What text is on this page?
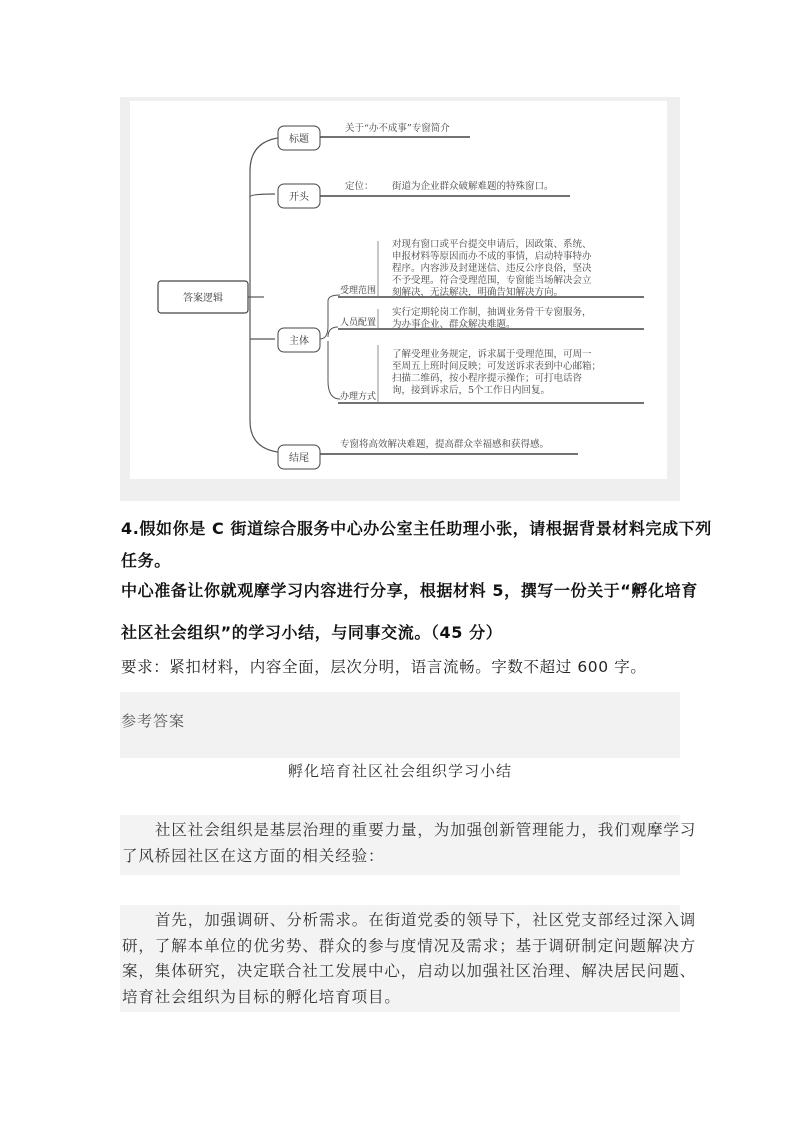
答案逻辑
标题
关于“办不成事”专窗简介
开头
定位： 街道为企业群众破解难题的特殊窗口。
主体
受理范围
人员配置
办理方式
对现有窗口或平台提交申请后，因政策、系统、
申报材料等原因而办不成的事情，启动特事特办
程序。内容涉及封建迷信、违反公序良俗，坚决
不予受理。符合受理范围，专窗能当场解决会立
刻解决，无法解决，明确告知解决方向。
实行定期轮岗工作制，抽调业务骨干专窗服务，
为办事企业、群众解决难题。
了解受理业务规定，诉求属于受理范围，可周一
至周五上班时间反映；可发送诉求表到中心邮箱；
扫描二维码，按小程序提示操作；可打电话咨
询，接到诉求后，5个工作日内回复。
结尾
专窗将高效解决难题，提高群众幸福感和获得感。
4.假如你是 C 街道综合服务中心办公室主任助理小张，请根据背景材料完成下列
任务。
中心准备让你就观摩学习内容进行分享，根据材料 5，撰写一份关于“孵化培育
社区社会组织”的学习小结，与同事交流。（45 分）
要求：紧扣材料，内容全面，层次分明，语言流畅。字数不超过 600 字。
参考答案
孵化培育社区社会组织学习小结
社区社会组织是基层治理的重要力量，为加强创新管理能力，我们观摩学习
了风桥园社区在这方面的相关经验：
首先，加强调研、分析需求。在街道党委的领导下，社区党支部经过深入调
研，了解本单位的优劣势、群众的参与度情况及需求；基于调研制定问题解决方
案，集体研究，决定联合社工发展中心，启动以加强社区治理、解决居民问题、
培育社会组织为目标的孵化培育项目。
